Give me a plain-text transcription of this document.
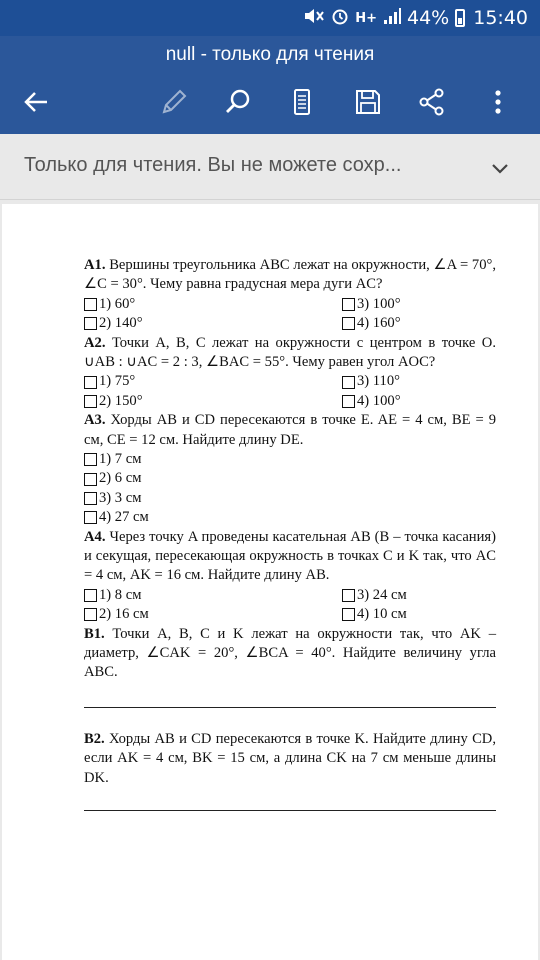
H+ 44% 15:40
null - только для чтения
Только для чтения. Вы не можете сохр...
А1. Вершины треугольника ABC лежат на окружности, ∠A = 70°, ∠C = 30°. Чему равна градусная мера дуги AC?
1) 60°	3) 100°
2) 140°	4) 160°
А2. Точки A, B, C лежат на окружности с центром в точке O. ∪AB : ∪AC = 2 : 3, ∠BAC = 55°. Чему равен угол AOC?
1) 75°	3) 110°
2) 150°	4) 100°
А3. Хорды AB и CD пересекаются в точке E. AE = 4 см, BE = 9 см, CE = 12 см. Найдите длину DE.
1) 7 см
2) 6 см
3) 3 см
4) 27 см
А4. Через точку A проведены касательная AB (B – точка касания) и секущая, пересекающая окружность в точках C и K так, что AC = 4 см, AK = 16 см. Найдите длину AB.
1) 8 см	3) 24 см
2) 16 см	4) 10 см
В1. Точки A, B, C и K лежат на окружности так, что AK – диаметр, ∠CAK = 20°, ∠BCA = 40°. Найдите величину угла ABC.
В2. Хорды AB и CD пересекаются в точке K. Найдите длину CD, если AK = 4 см, BK = 15 см, а длина CK на 7 см меньше длины DK.
